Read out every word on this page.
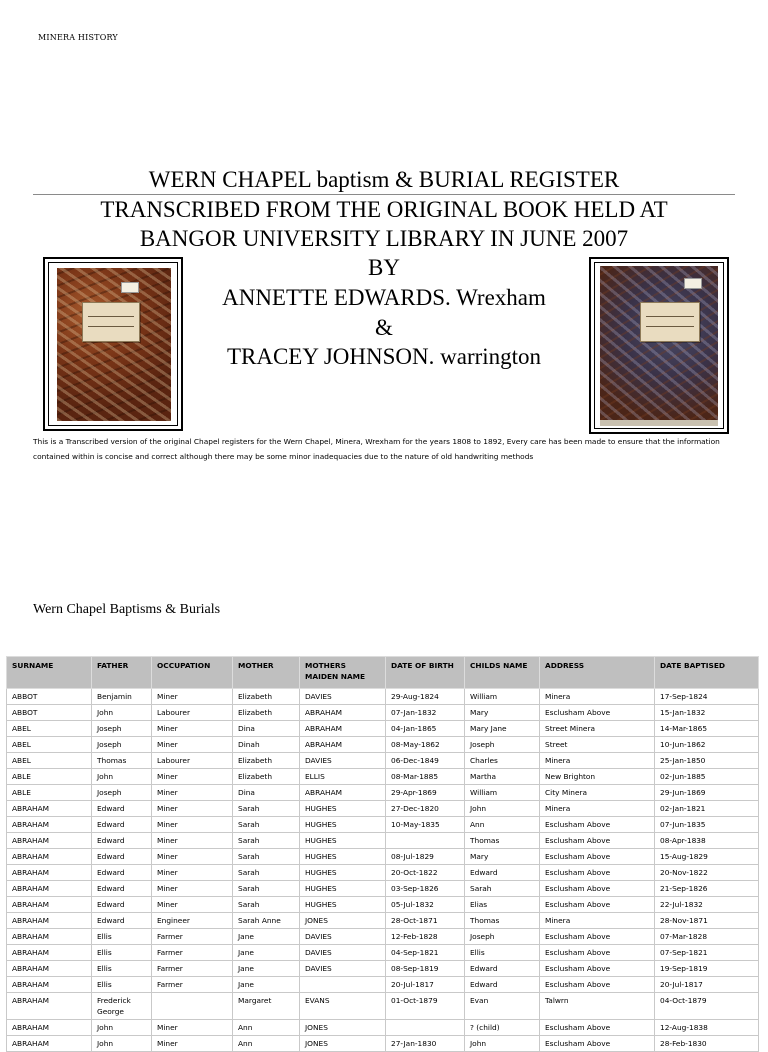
MINERA HISTORY
WERN CHAPEL baptism & BURIAL REGISTER
TRANSCRIBED FROM THE ORIGINAL BOOK HELD AT
BANGOR UNIVERSITY LIBRARY IN JUNE 2007
BY
ANNETTE EDWARDS. Wrexham
&
TRACEY JOHNSON. warrington
This is a Transcribed version of the original Chapel registers for the Wern Chapel, Minera, Wrexham for the years 1808 to 1892, Every care has been made to ensure that the information contained within is concise and correct although there may be some minor inadequacies due to the nature of old handwriting methods
Wern Chapel Baptisms & Burials
SURNAME	FATHER	OCCUPATION	MOTHER	MOTHERS MAIDEN NAME	DATE OF BIRTH	CHILDS NAME	ADDRESS	DATE BAPTISED
ABBOT	Benjamin	Miner	Elizabeth	DAVIES	29-Aug-1824	William	Minera	17-Sep-1824
ABBOT	John	Labourer	Elizabeth	ABRAHAM	07-Jan-1832	Mary	Esclusham Above	15-Jan-1832
ABEL	Joseph	Miner	Dina	ABRAHAM	04-Jan-1865	Mary Jane	Street Minera	14-Mar-1865
ABEL	Joseph	Miner	Dinah	ABRAHAM	08-May-1862	Joseph	Street	10-Jun-1862
ABEL	Thomas	Labourer	Elizabeth	DAVIES	06-Dec-1849	Charles	Minera	25-Jan-1850
ABLE	John	Miner	Elizabeth	ELLIS	08-Mar-1885	Martha	New Brighton	02-Jun-1885
ABLE	Joseph	Miner	Dina	ABRAHAM	29-Apr-1869	William	City Minera	29-Jun-1869
ABRAHAM	Edward	Miner	Sarah	HUGHES	27-Dec-1820	John	Minera	02-Jan-1821
ABRAHAM	Edward	Miner	Sarah	HUGHES	10-May-1835	Ann	Esclusham Above	07-Jun-1835
ABRAHAM	Edward	Miner	Sarah	HUGHES		Thomas	Esclusham Above	08-Apr-1838
ABRAHAM	Edward	Miner	Sarah	HUGHES	08-Jul-1829	Mary	Esclusham Above	15-Aug-1829
ABRAHAM	Edward	Miner	Sarah	HUGHES	20-Oct-1822	Edward	Esclusham Above	20-Nov-1822
ABRAHAM	Edward	Miner	Sarah	HUGHES	03-Sep-1826	Sarah	Esclusham Above	21-Sep-1826
ABRAHAM	Edward	Miner	Sarah	HUGHES	05-Jul-1832	Elias	Esclusham Above	22-Jul-1832
ABRAHAM	Edward	Engineer	Sarah Anne	JONES	28-Oct-1871	Thomas	Minera	28-Nov-1871
ABRAHAM	Ellis	Farmer	Jane	DAVIES	12-Feb-1828	Joseph	Esclusham Above	07-Mar-1828
ABRAHAM	Ellis	Farmer	Jane	DAVIES	04-Sep-1821	Ellis	Esclusham Above	07-Sep-1821
ABRAHAM	Ellis	Farmer	Jane	DAVIES	08-Sep-1819	Edward	Esclusham Above	19-Sep-1819
ABRAHAM	Ellis	Farmer	Jane		20-Jul-1817	Edward	Esclusham Above	20-Jul-1817
ABRAHAM	Frederick George		Margaret	EVANS	01-Oct-1879	Evan	Talwrn	04-Oct-1879
ABRAHAM	John	Miner	Ann	JONES		? (child)	Esclusham Above	12-Aug-1838
ABRAHAM	John	Miner	Ann	JONES	27-Jan-1830	John	Esclusham Above	28-Feb-1830
